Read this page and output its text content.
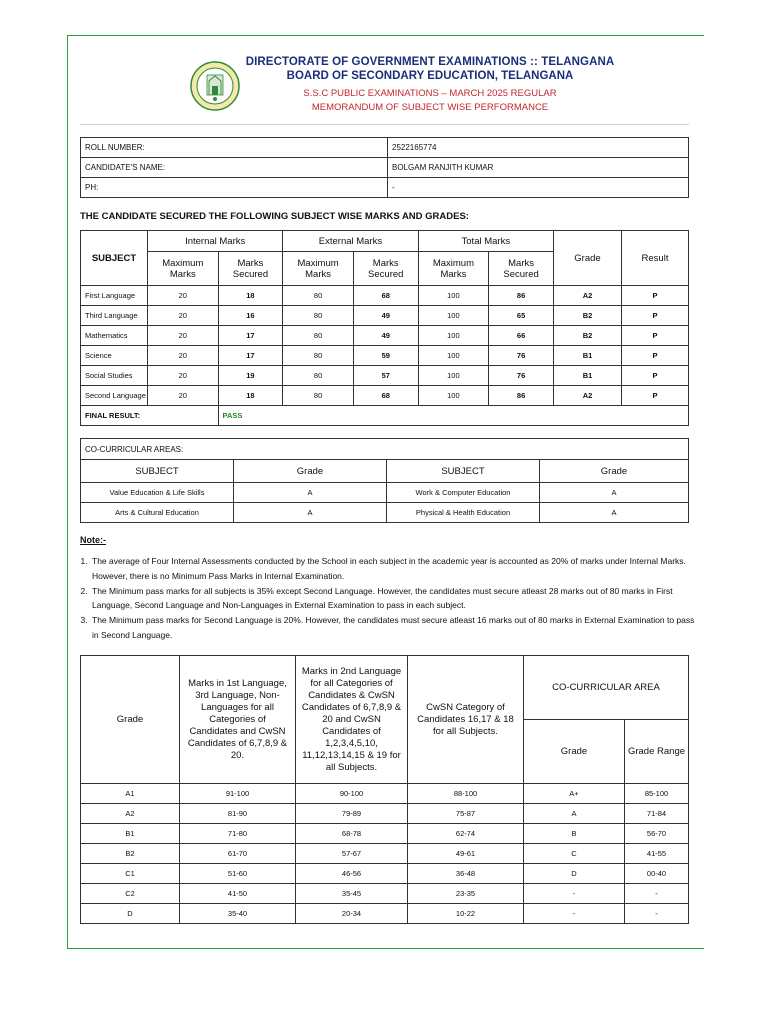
DIRECTORATE OF GOVERNMENT EXAMINATIONS :: TELANGANA
BOARD OF SECONDARY EDUCATION, TELANGANA
S.S.C PUBLIC EXAMINATIONS – MARCH 2025 REGULAR
MEMORANDUM OF SUBJECT WISE PERFORMANCE
ROLL NUMBER:	2522165774
CANDIDATE'S NAME:	BOLGAM RANJITH KUMAR
PH:	-
THE CANDIDATE SECURED THE FOLLOWING SUBJECT WISE MARKS AND GRADES:
SUBJECT	Internal Marks		External Marks		Total Marks		Grade	Result
	Maximum Marks	Marks Secured	Maximum Marks	Marks Secured	Maximum Marks	Marks Secured		
First Language	20	18	80	68	100	86	A2	P
Third Language	20	16	80	49	100	65	B2	P
Mathematics	20	17	80	49	100	66	B2	P
Science	20	17	80	59	100	76	B1	P
Social Studies	20	19	80	57	100	76	B1	P
Second Language	20	18	80	68	100	86	A2	P
FINAL RESULT:		PASS						
CO-CURRICULAR AREAS:			
SUBJECT	Grade	SUBJECT	Grade
Value Education & Life Skills	A	Work & Computer Education	A
Arts & Cultural Education	A	Physical & Health Education	A
Note:-
1. The average of Four Internal Assessments conducted by the School in each subject in the academic year is accounted as 20% of marks under Internal Marks. However, there is no Minimum Pass Marks in Internal Examination.
2. The Minimum pass marks for all subjects is 35% except Second Language. However, the candidates must secure atleast 28 marks out of 80 marks in First Language, Second Language and Non-Languages in External Examination to pass in each subject.
3. The Minimum pass marks for Second Language is 20%. However, the candidates must secure atleast 16 marks out of 80 marks in External Examination to pass in Second Language.
Grade	Marks in 1st Language, 3rd Language, Non-Languages for all Categories of Candidates and CwSN Candidates of 6,7,8,9 & 20.	Marks in 2nd Language for all Categories of Candidates & CwSN Candidates of 6,7,8,9 & 20 and CwSN Candidates of 1,2,3,4,5,10, 11,12,13,14,15 & 19 for all Subjects.	CwSN Category of Candidates 16,17 & 18 for all Subjects.	CO-CURRICULAR AREA	
				Grade	Grade Range
A1	91-100	90-100	88-100	A+	85-100
A2	81-90	79-89	75-87	A	71-84
B1	71-80	68-78	62-74	B	56-70
B2	61-70	57-67	49-61	C	41-55
C1	51-60	46-56	36-48	D	00-40
C2	41-50	35-45	23-35	-	-
D	35-40	20-34	10-22	-	-
